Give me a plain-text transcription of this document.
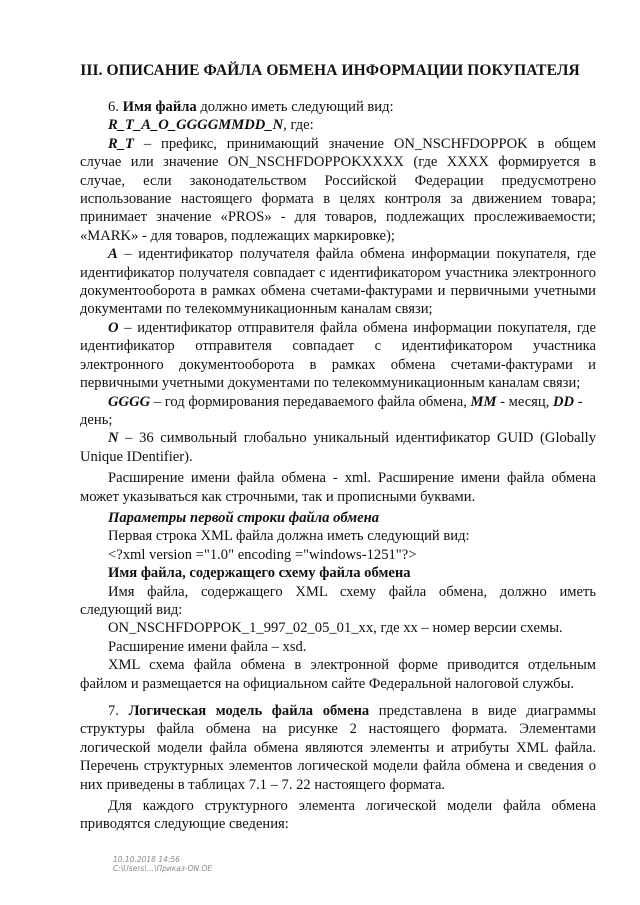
III. ОПИСАНИЕ ФАЙЛА ОБМЕНА ИНФОРМАЦИИ ПОКУПАТЕЛЯ

6. Имя файла должно иметь следующий вид:

R_T_A_O_GGGGMMDD_N, где:

R_T – префикс, принимающий значение ON_NSCHFDOPPOK в общем случае или значение ON_NSCHFDOPPOKXXXX (где XXXX формируется в случае, если законодательством Российской Федерации предусмотрено использование настоящего формата в целях контроля за движением товара; принимает значение «PROS» - для товаров, подлежащих прослеживаемости; «MARK» - для товаров, подлежащих маркировке);

A – идентификатор получателя файла обмена информации покупателя, где идентификатор получателя совпадает с идентификатором участника электронного документооборота в рамках обмена счетами-фактурами и первичными учетными документами по телекоммуникационным каналам связи;

O – идентификатор отправителя файла обмена информации покупателя, где идентификатор отправителя совпадает с идентификатором участника электронного документооборота в рамках обмена счетами-фактурами и первичными учетными документами по телекоммуникационным каналам связи;

GGGG – год формирования передаваемого файла обмена, MM - месяц, DD - день;

N – 36 символьный глобально уникальный идентификатор GUID (Globally Unique IDentifier).

Расширение имени файла обмена - xml. Расширение имени файла обмена может указываться как строчными, так и прописными буквами.

Параметры первой строки файла обмена

Первая строка XML файла должна иметь следующий вид:

<?xml version ="1.0" encoding ="windows-1251"?>

Имя файла, содержащего схему файла обмена

Имя файла, содержащего XML схему файла обмена, должно иметь следующий вид:

ON_NSCHFDOPPOK_1_997_02_05_01_xx, где хх – номер версии схемы.

Расширение имени файла – xsd.

XML схема файла обмена в электронной форме приводится отдельным файлом и размещается на официальном сайте Федеральной налоговой службы.

7. Логическая модель файла обмена представлена в виде диаграммы структуры файла обмена на рисунке 2 настоящего формата. Элементами логической модели файла обмена являются элементы и атрибуты XML файла. Перечень структурных элементов логической модели файла обмена и сведения о них приведены в таблицах 7.1 – 7. 22 настоящего формата.

Для каждого структурного элемента логической модели файла обмена приводятся следующие сведения:

10.10.2018 14:56
С:\Users\...\Приказ-ON.ОЕ
